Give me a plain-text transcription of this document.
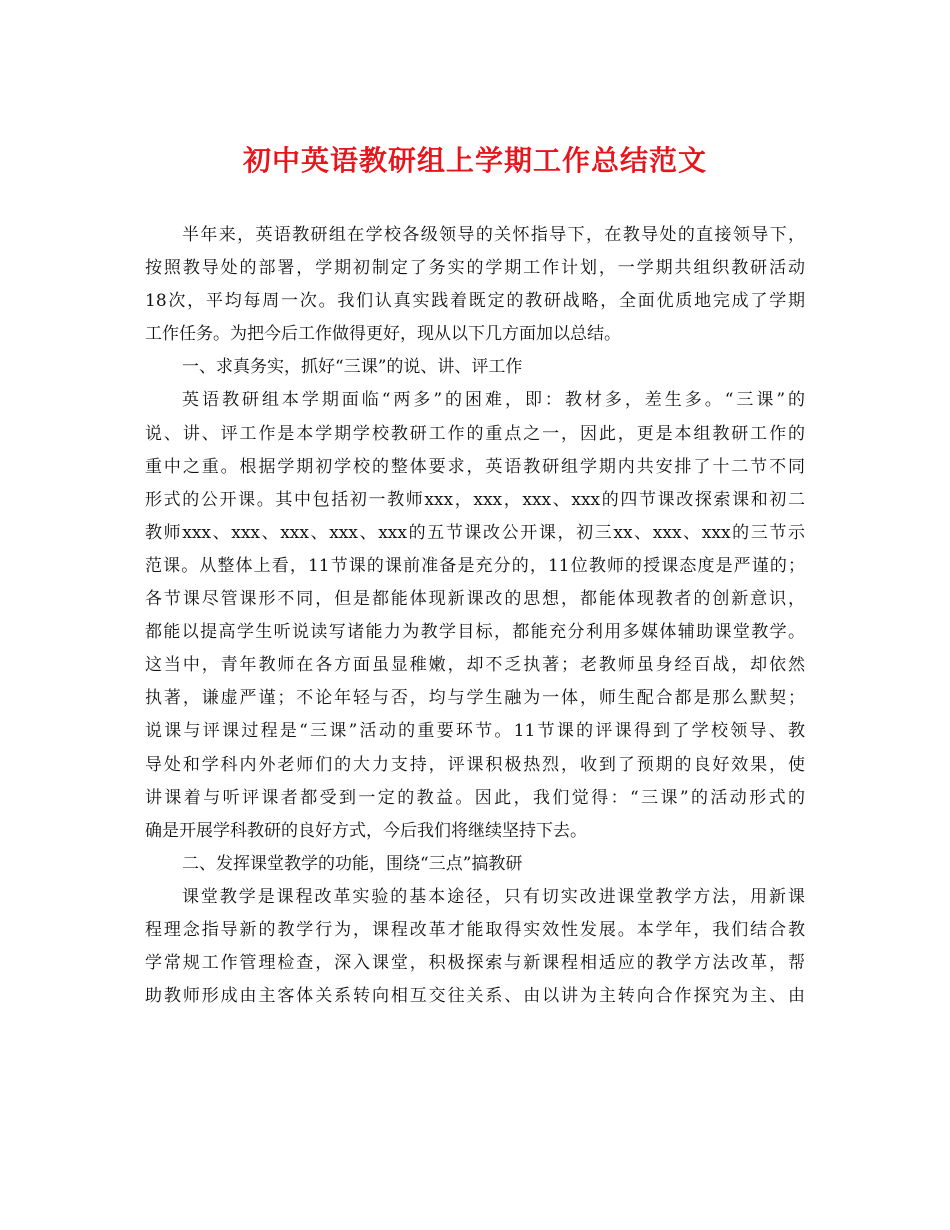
初中英语教研组上学期工作总结范文
半年来，英语教研组在学校各级领导的关怀指导下，在教导处的直接领导下，
按照教导处的部署，学期初制定了务实的学期工作计划，一学期共组织教研活动
18次，平均每周一次。我们认真实践着既定的教研战略，全面优质地完成了学期
工作任务。为把今后工作做得更好，现从以下几方面加以总结。
一、求真务实，抓好“三课”的说、讲、评工作
英语教研组本学期面临“两多”的困难，即：教材多，差生多。“三课”的
说、讲、评工作是本学期学校教研工作的重点之一，因此，更是本组教研工作的
重中之重。根据学期初学校的整体要求，英语教研组学期内共安排了十二节不同
形式的公开课。其中包括初一教师xxx，xxx，xxx、xxx的四节课改探索课和初二
教师xxx、xxx、xxx、xxx、xxx的五节课改公开课，初三xx、xxx、xxx的三节示
范课。从整体上看，11节课的课前准备是充分的，11位教师的授课态度是严谨的；
各节课尽管课形不同，但是都能体现新课改的思想，都能体现教者的创新意识，
都能以提高学生听说读写诸能力为教学目标，都能充分利用多媒体辅助课堂教学。
这当中，青年教师在各方面虽显稚嫩，却不乏执著；老教师虽身经百战，却依然
执著，谦虚严谨；不论年轻与否，均与学生融为一体，师生配合都是那么默契；
说课与评课过程是“三课”活动的重要环节。11节课的评课得到了学校领导、教
导处和学科内外老师们的大力支持，评课积极热烈，收到了预期的良好效果，使
讲课着与听评课者都受到一定的教益。因此，我们觉得：“三课”的活动形式的
确是开展学科教研的良好方式，今后我们将继续坚持下去。
二、发挥课堂教学的功能，围绕“三点”搞教研
课堂教学是课程改革实验的基本途径，只有切实改进课堂教学方法，用新课
程理念指导新的教学行为，课程改革才能取得实效性发展。本学年，我们结合教
学常规工作管理检查，深入课堂，积极探索与新课程相适应的教学方法改革，帮
助教师形成由主客体关系转向相互交往关系、由以讲为主转向合作探究为主、由
